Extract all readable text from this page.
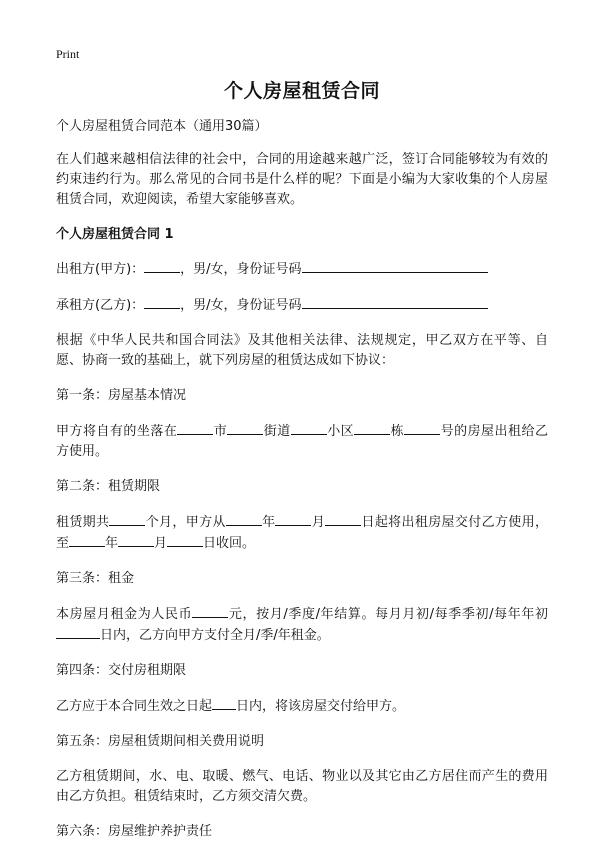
Print
个人房屋租赁合同
个人房屋租赁合同范本（通用30篇）
在人们越来越相信法律的社会中，合同的用途越来越广泛，签订合同能够较为有效的约束违约行为。那么常见的合同书是什么样的呢？下面是小编为大家收集的个人房屋租赁合同，欢迎阅读，希望大家能够喜欢。
个人房屋租赁合同 1
出租方(甲方)：	，男/女，身份证号码
承租方(乙方)：	，男/女，身份证号码
根据《中华人民共和国合同法》及其他相关法律、法规规定，甲乙双方在平等、自愿、协商一致的基础上，就下列房屋的租赁达成如下协议：
第一条：房屋基本情况
甲方将自有的坐落在	市	街道	小区	栋	号的房屋出租给乙方使用。
第二条：租赁期限
租赁期共	个月，甲方从	年	月	日起将出租房屋交付乙方使用，至	年	月	日收回。
第三条：租金
本房屋月租金为人民币	元，按月/季度/年结算。每月月初/每季季初/每年年初日内，乙方向甲方支付全月/季/年租金。
第四条：交付房租期限
乙方应于本合同生效之日起 日内，将该房屋交付给甲方。
第五条：房屋租赁期间相关费用说明
乙方租赁期间，水、电、取暖、燃气、电话、物业以及其它由乙方居住而产生的费用由乙方负担。租赁结束时，乙方须交清欠费。
第六条：房屋维护养护责任
